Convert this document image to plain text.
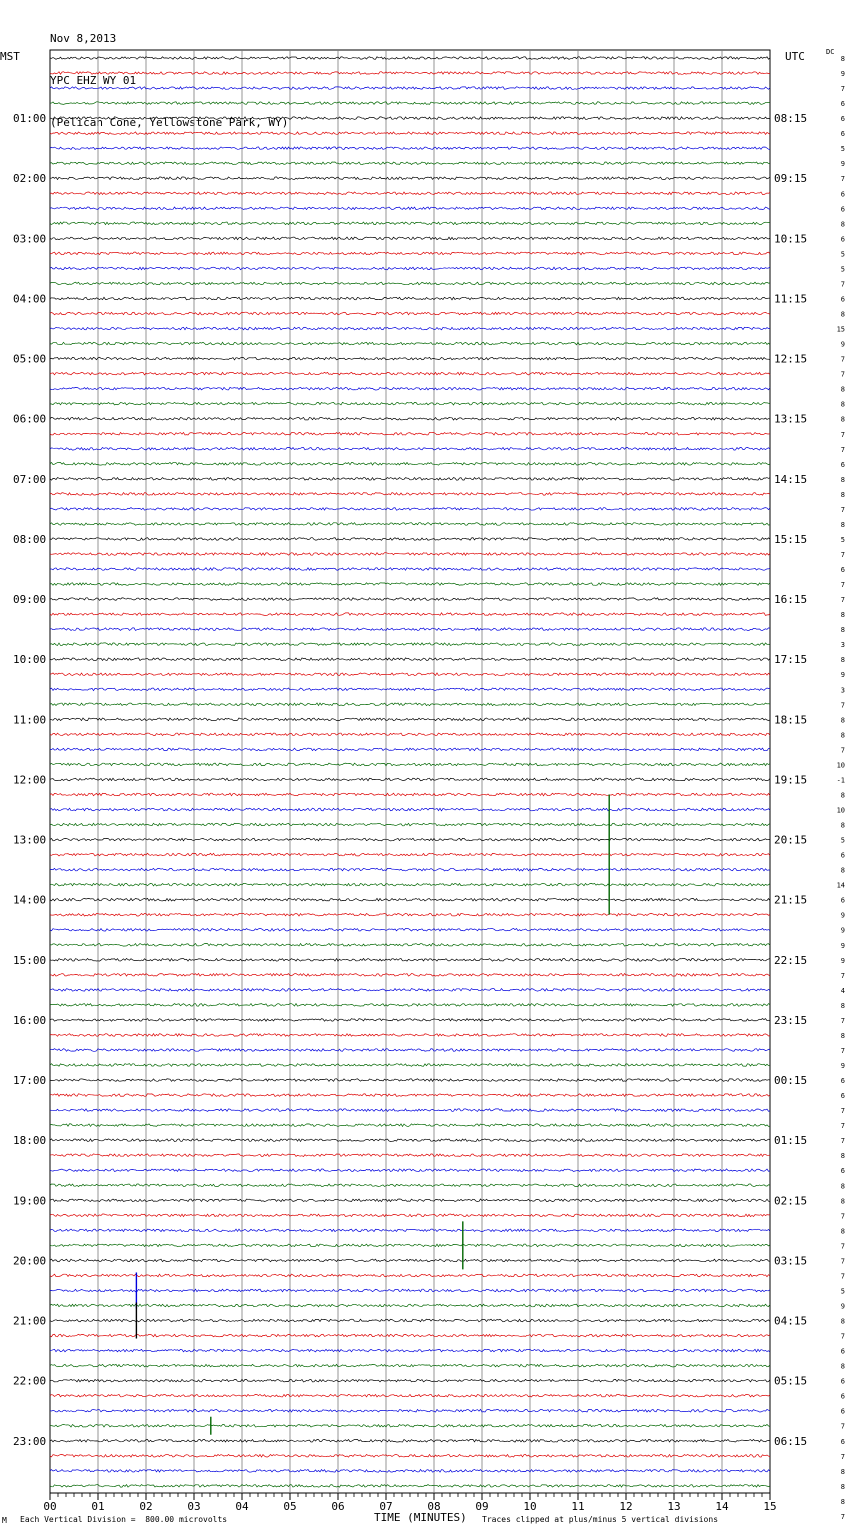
Nov 8,2013

YPC EHZ WY 01

(Pelican Cone, Yellowstone Park, WY)

MST	UTC	DC
01:00
02:00
03:00
04:00
05:00
06:00
07:00
08:00
09:00
10:00
11:00
12:00
13:00
14:00
15:00
16:00
17:00
18:00
19:00
20:00
21:00
22:00
23:00
08:15
09:15
10:15
11:15
12:15
13:15
14:15
15:15
16:15
17:15
18:15
19:15
20:15
21:15
22:15
23:15
00:15
01:15
02:15
03:15
04:15
05:15
06:15
8
9
7
6
6
6
5
9
7
6
6
8
6
5
5
7
6
8
15
9
7
7
8
8
8
7
7
6
8
8
7
8
5
7
6
7
7
8
8
3
8
9
3
7
8
8
7
10
-1
8
10
8
5
6
8
14
6
9
9
9
9
7
4
8
7
8
7
9
6
6
7
7
7
8
6
8
8
7
8
7
7
7
5
9
8
7
6
8
6
6
6
7
6
7
8
8
8
7
00	01	02	03	04	05	06	07	08	09	10	11	12	13	14	15
M Each Vertical Division =  800.00 microvolts	TIME (MINUTES) Traces clipped at plus/minus 5 vertical divisions
